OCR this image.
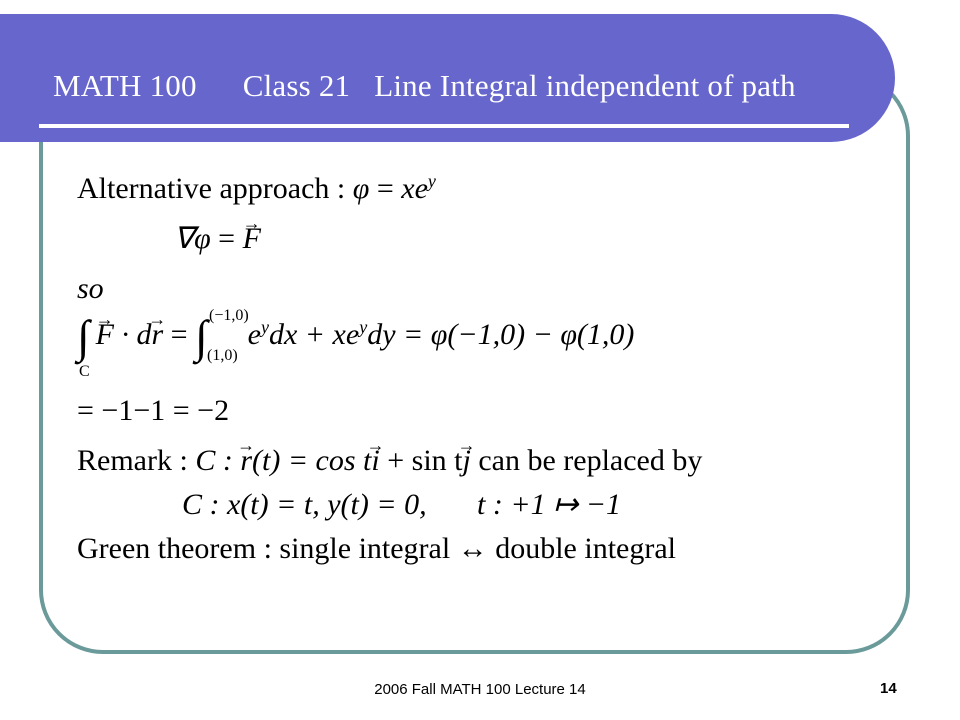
MATH 100 Class 21 Line Integral independent of path
Alternative approach : $\varphi = xe^y$
∇φ = → F
so
∫
C
→ F · d→ r = ∫ (−1,0)
(1,0)
$e^ydx + xe^ydy = \varphi(-1,0) - \varphi(1,0)$
= −1−1 = −2
Remark : C : → r(t) = cos t→ i + sin t→ j can be replaced by
C : x(t) = t, y(t) = 0, t : +1 ↦ −1
Green theorem : single integral ↔ double integral
2006 Fall MATH 100 Lecture 14	14
